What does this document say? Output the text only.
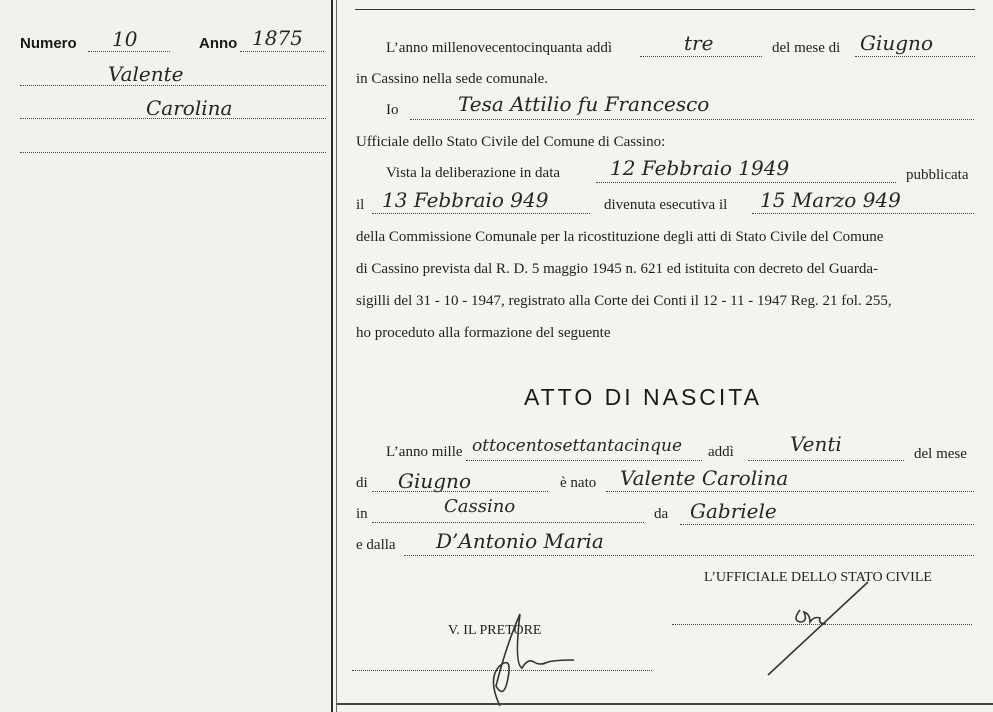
Numero 10	Anno 1875
Valente
Carolina
L’anno millenovecentocinquanta addì	tre	del mese di Giugno
in Cassino nella sede comunale.
Io	Tesa Attilio fu Francesco
Ufficiale dello Stato Civile del Comune di Cassino:
Vista la deliberazione in data 12 Febbraio 1949	pubblicata
il 13 Febbraio 949	divenuta esecutiva il 15 Marzo 949
della Commissione Comunale per la ricostituzione degli atti di Stato Civile del Comune
di Cassino prevista dal R. D. 5 maggio 1945 n. 621 ed istituita con decreto del Guarda-
sigilli del 31 - 10 - 1947, registrato alla Corte dei Conti il 12 - 11 - 1947 Reg. 21 fol. 255,
ho proceduto alla formazione del seguente
ATTO DI NASCITA
L’anno mille ottocentosettantacinque addì	Venti	del mese
di Giugno	è nato Valente Carolina
in	Cassino	da Gabriele
e dalla D’Antonio Maria
L’UFFICIALE DELLO STATO CIVILE
V. IL PRETORE
